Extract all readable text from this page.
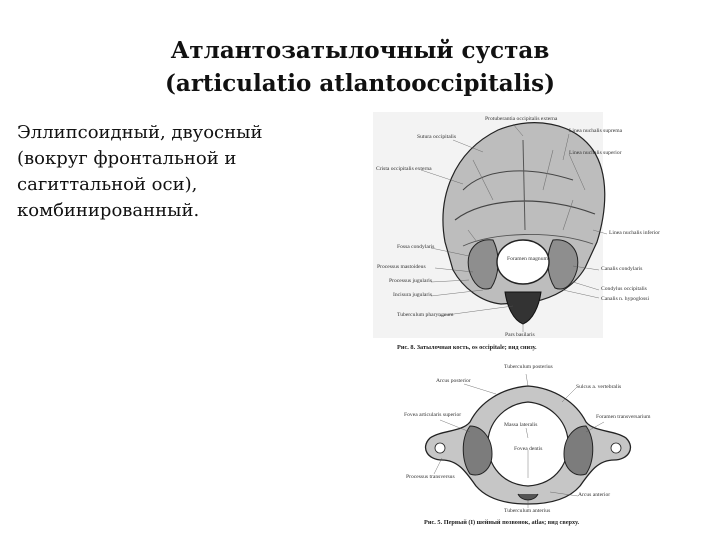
Атлантозатылочный сустав
(articulatio atlantooccipitalis)
Эллипсоидный, двуосный
(вокруг фронтальной и
сагиттальной оси),
комбинированный.
Protuberantia occipitalis externa
Sutura occipitalis
Linea nuchalis suprema
Linea nuchalis superior
Crista occipitalis externa
Linea nuchalis inferior
Fossa condylaris
Foramen magnum
Processus mastoideus	Canalis condylaris
Processus jugularis
Condylus occipitalis
Incisura jugularis
Canalis n. hypoglossi
Tuberculum pharyngeum
Pars basilaris
Рис. 8. Затылочная кость, os occipitale; вид снизу.
Tuberculum posterius
Arcus posterior
Sulcus a. vertebralis
Fovea articularis superior
Massa lateralis
Foramen transversarium
Fovea dentis
Processus transversus
Arcus anterior
Tuberculum anterius
Рис. 5. Первый (I) шейный позвонок, atlas; вид сверху.
